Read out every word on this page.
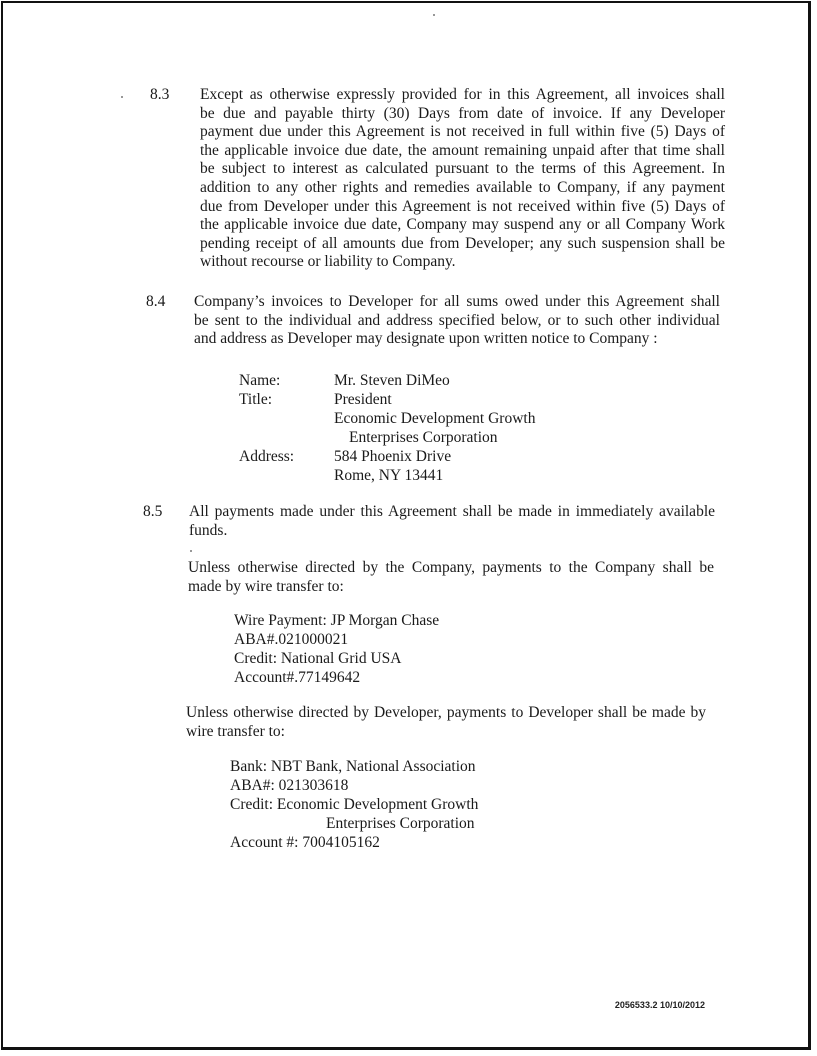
8.3 Except as otherwise expressly provided for in this Agreement, all invoices shall
be due and payable thirty (30) Days from date of invoice. If any Developer
payment due under this Agreement is not received in full within five (5) Days of
the applicable invoice due date, the amount remaining unpaid after that time shall
be subject to interest as calculated pursuant to the terms of this Agreement. In
addition to any other rights and remedies available to Company, if any payment
due from Developer under this Agreement is not received within five (5) Days of
the applicable invoice due date, Company may suspend any or all Company Work
pending receipt of all amounts due from Developer; any such suspension shall be
without recourse or liability to Company.
8.4 Company’s invoices to Developer for all sums owed under this Agreement shall
be sent to the individual and address specified below, or to such other individual
and address as Developer may designate upon written notice to Company :
Name:	Mr. Steven DiMeo
Title:	President
Economic Development Growth
Enterprises Corporation
Address:	584 Phoenix Drive
Rome, NY 13441
8.5 All payments made under this Agreement shall be made in immediately available
funds.
Unless otherwise directed by the Company, payments to the Company shall be
made by wire transfer to:
Wire Payment: JP Morgan Chase
ABA#.021000021
Credit: National Grid USA
Account#.77149642
Unless otherwise directed by Developer, payments to Developer shall be made by
wire transfer to:
Bank: NBT Bank, National Association
ABA#: 021303618
Credit: Economic Development Growth
Enterprises Corporation
Account #: 7004105162
2056533.2 10/10/2012
